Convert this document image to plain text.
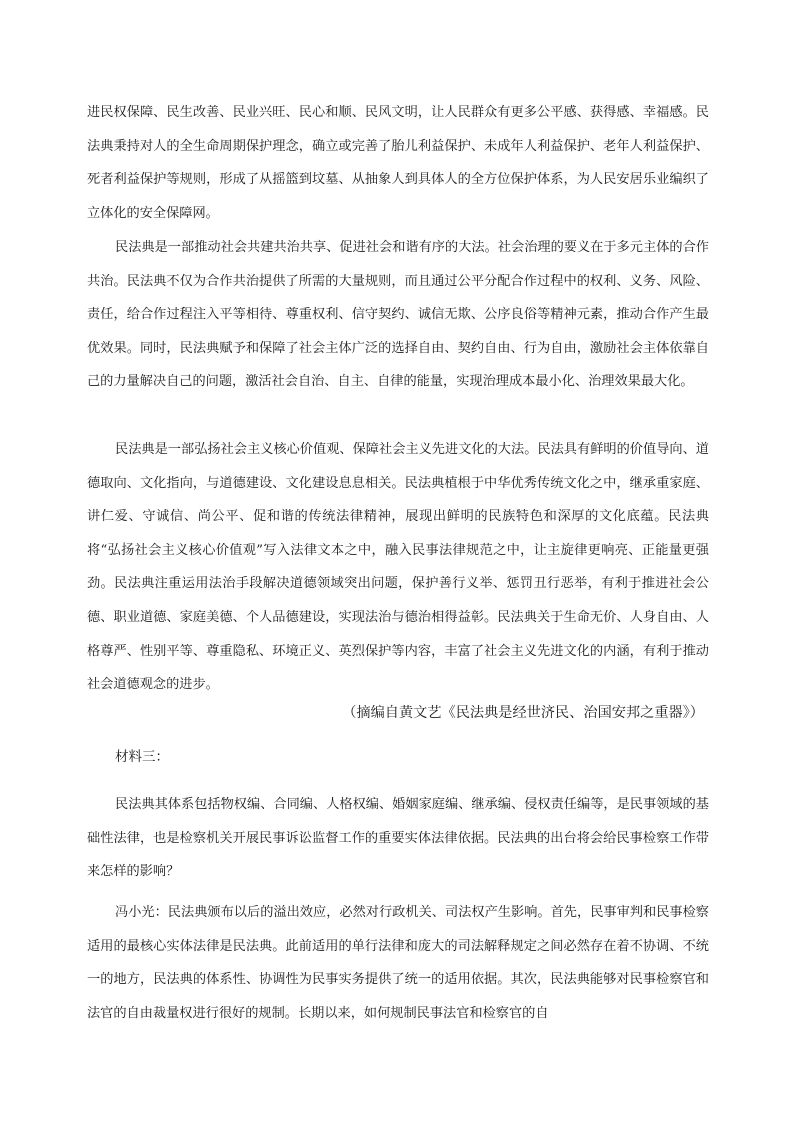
进民权保障、民生改善、民业兴旺、民心和顺、民风文明，让人民群众有更多公平感、获得感、幸福感。民法典秉持对人的全生命周期保护理念，确立或完善了胎儿利益保护、未成年人利益保护、老年人利益保护、死者利益保护等规则，形成了从摇篮到坟墓、从抽象人到具体人的全方位保护体系，为人民安居乐业编织了立体化的安全保障网。

民法典是一部推动社会共建共治共享、促进社会和谐有序的大法。社会治理的要义在于多元主体的合作共治。民法典不仅为合作共治提供了所需的大量规则，而且通过公平分配合作过程中的权利、义务、风险、责任，给合作过程注入平等相待、尊重权利、信守契约、诚信无欺、公序良俗等精神元素，推动合作产生最优效果。同时，民法典赋予和保障了社会主体广泛的选择自由、契约自由、行为自由，激励社会主体依靠自己的力量解决自己的问题，激活社会自治、自主、自律的能量，实现治理成本最小化、治理效果最大化。

民法典是一部弘扬社会主义核心价值观、保障社会主义先进文化的大法。民法具有鲜明的价值导向、道德取向、文化指向，与道德建设、文化建设息息相关。民法典植根于中华优秀传统文化之中，继承重家庭、讲仁爱、守诚信、尚公平、促和谐的传统法律精神，展现出鲜明的民族特色和深厚的文化底蕴。民法典将“弘扬社会主义核心价值观”写入法律文本之中，融入民事法律规范之中，让主旋律更响亮、正能量更强劲。民法典注重运用法治手段解决道德领域突出问题，保护善行义举、惩罚丑行恶举，有利于推进社会公德、职业道德、家庭美德、个人品德建设，实现法治与德治相得益彰。民法典关于生命无价、人身自由、人格尊严、性别平等、尊重隐私、环境正义、英烈保护等内容，丰富了社会主义先进文化的内涵，有利于推动社会道德观念的进步。

（摘编自黄文艺《民法典是经世济民、治国安邦之重器》）

材料三：

民法典其体系包括物权编、合同编、人格权编、婚姻家庭编、继承编、侵权责任编等，是民事领域的基础性法律，也是检察机关开展民事诉讼监督工作的重要实体法律依据。民法典的出台将会给民事检察工作带来怎样的影响？

冯小光：民法典颁布以后的溢出效应，必然对行政机关、司法权产生影响。首先，民事审判和民事检察适用的最核心实体法律是民法典。此前适用的单行法律和庞大的司法解释规定之间必然存在着不协调、不统一的地方，民法典的体系性、协调性为民事实务提供了统一的适用依据。其次，民法典能够对民事检察官和法官的自由裁量权进行很好的规制。长期以来，如何规制民事法官和检察官的自
